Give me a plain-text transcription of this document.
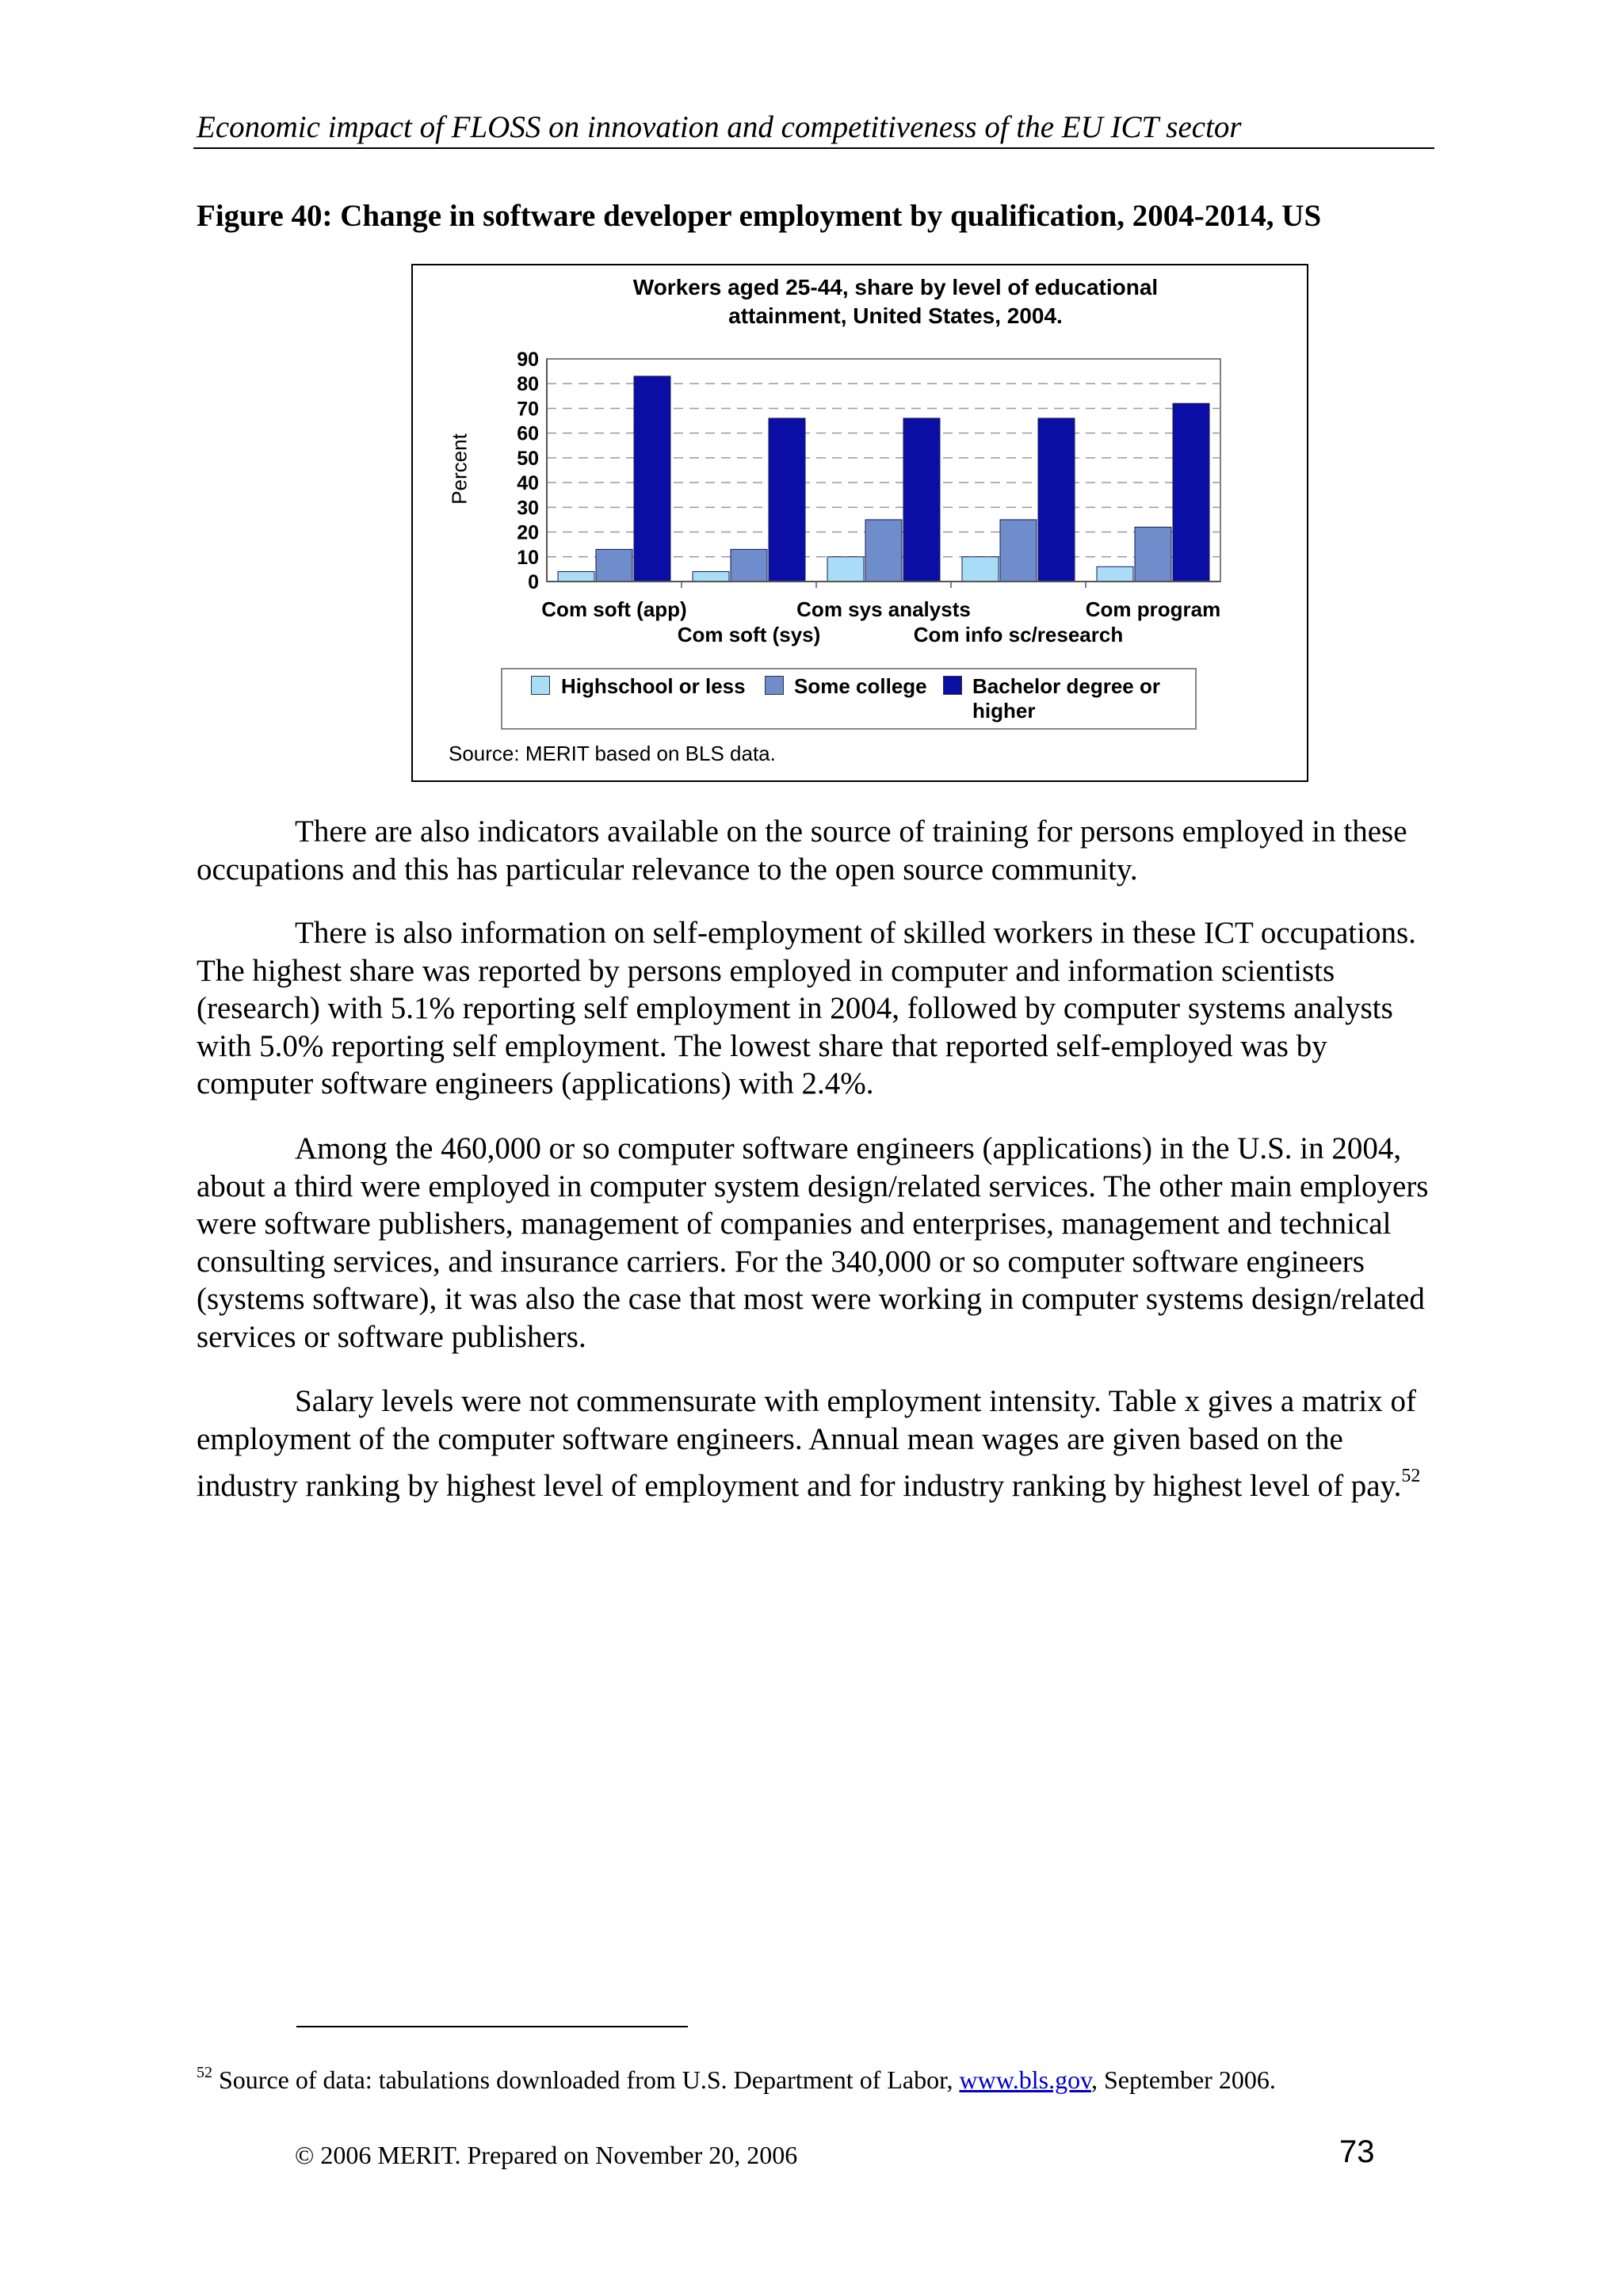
Economic impact of FLOSS on innovation and competitiveness of the EU ICT sector
Figure 40: Change in software developer employment by qualification, 2004-2014, US
Workers aged 25-44, share by level of educational
attainment, United States, 2004.
Percent
0
10
20
30
40
50
60
70
80
90
Com soft (app)
Com soft (sys)
Com sys analysts
Com info sc/research
Com program
Highschool or less Some college Bachelor degree or
higher
Source: MERIT based on BLS data.
There are also indicators available on the source of training for persons employed in these occupations and this has particular relevance to the open source community.
There is also information on self-employment of skilled workers in these ICT occupations. The highest share was reported by persons employed in computer and information scientists (research) with 5.1% reporting self employment in 2004, followed by computer systems analysts with 5.0% reporting self employment. The lowest share that reported self-employed was by computer software engineers (applications) with 2.4%.
Among the 460,000 or so computer software engineers (applications) in the U.S. in 2004, about a third were employed in computer system design/related services. The other main employers were software publishers, management of companies and enterprises, management and technical consulting services, and insurance carriers. For the 340,000 or so computer software engineers (systems software), it was also the case that most were working in computer systems design/related services or software publishers.
Salary levels were not commensurate with employment intensity. Table x gives a matrix of employment of the computer software engineers. Annual mean wages are given based on the industry ranking by highest level of employment and for industry ranking by highest level of pay.$^{52}$
$^{52}$ Source of data: tabulations downloaded from U.S. Department of Labor, www.bls.gov, September 2006.
© 2006 MERIT. Prepared on November 20, 2006	73
